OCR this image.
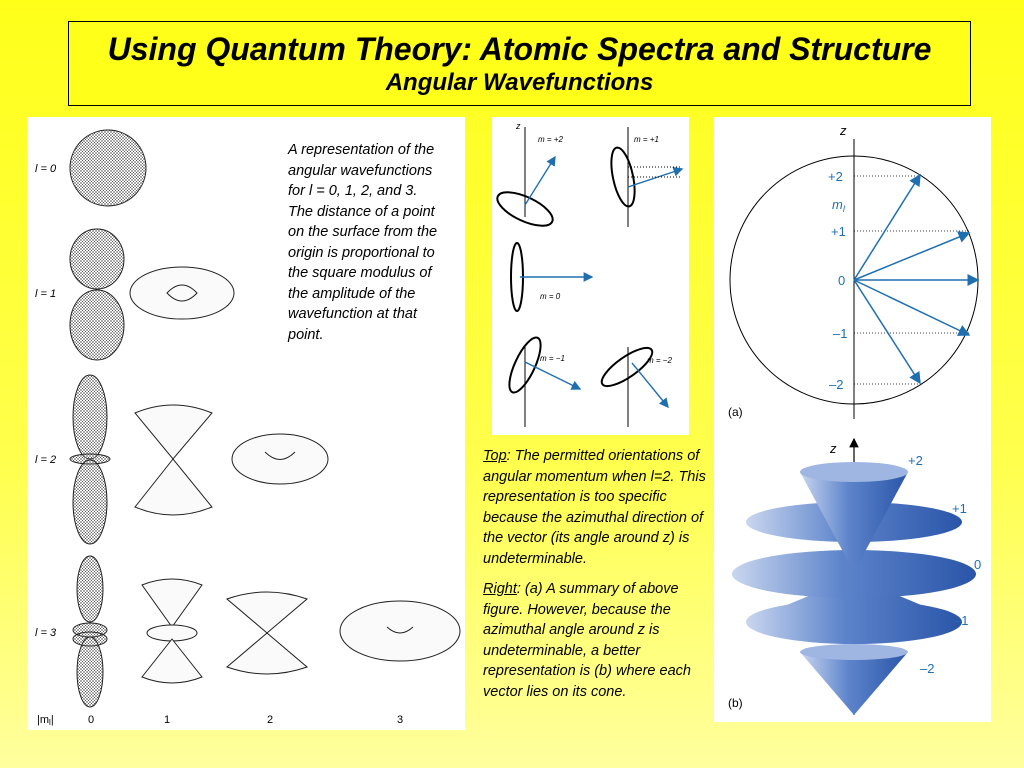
Using Quantum Theory: Atomic Spectra and Structure
Angular Wavefunctions
l = 0
l = 1
l = 2
l = 3
|ml|	0	1	2	3
A representation of the angular wavefunctions for l = 0, 1, 2, and 3. The distance of a point on the surface from the origin is proportional to the square modulus of the amplitude of the wavefunction at that point.
z
m = +2	m = +1
m = 0
m = −1	m = −2
z
+2
$m_l$
+1
0
–1
–2
(a)
z
+2
+1
0
–1
–2
(b)

Top: The permitted orientations of angular momentum when l=2. This representation is too specific because the azimuthal direction of the vector (its angle around z) is undeterminable.

Right: (a) A summary of above figure. However, because the azimuthal angle around z is undeterminable, a better representation is (b) where each vector lies on its cone.
